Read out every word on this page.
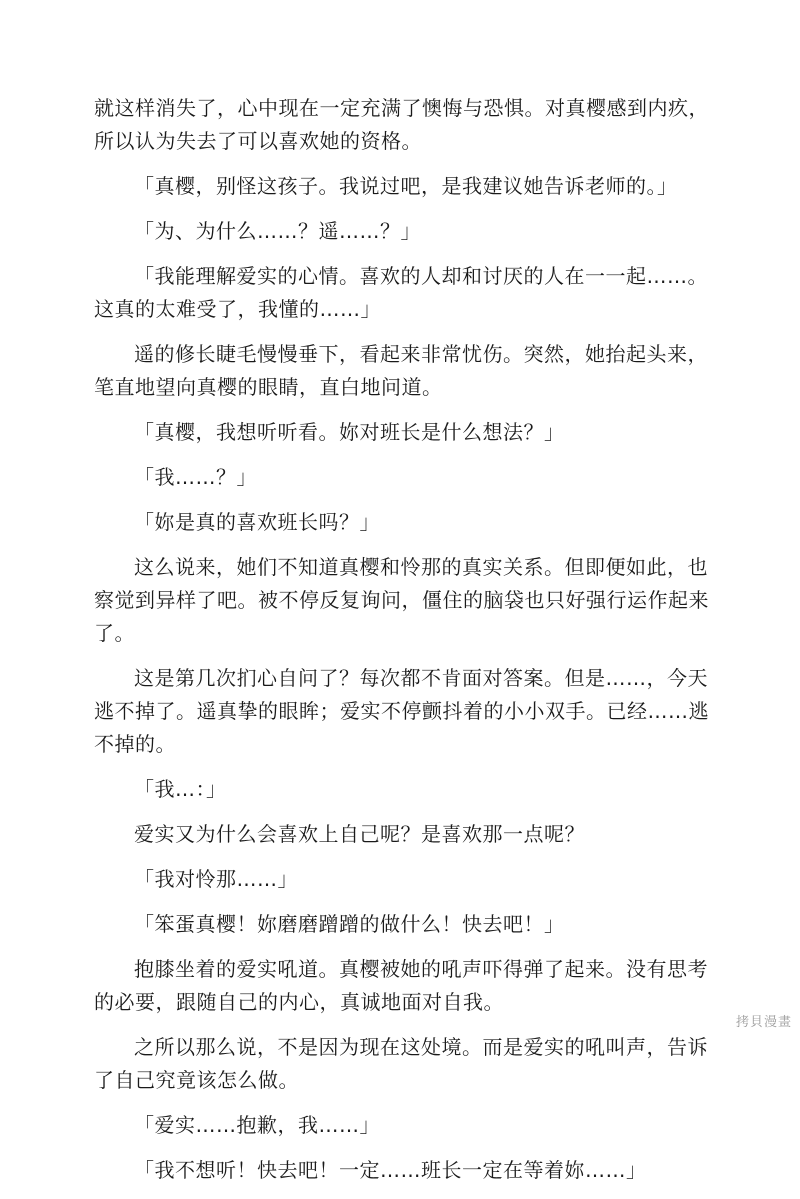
就这样消失了，心中现在一定充满了懊悔与恐惧。对真樱感到内疚，所以认为失去了可以喜欢她的资格。

「真樱，别怪这孩子。我说过吧，是我建议她告诉老师的。」

「为、为什么……？遥……？」

「我能理解爱实的心情。喜欢的人却和讨厌的人在一一起……。这真的太难受了，我懂的……」

遥的修长睫毛慢慢垂下，看起来非常忧伤。突然，她抬起头来，笔直地望向真樱的眼睛，直白地问道。

「真樱，我想听听看。妳对班长是什么想法？」

「我……？」

「妳是真的喜欢班长吗？」

这么说来，她们不知道真樱和怜那的真实关系。但即便如此，也察觉到异样了吧。被不停反复询问，僵住的脑袋也只好强行运作起来了。

这是第几次扪心自问了？每次都不肯面对答案。但是……，今天逃不掉了。遥真挚的眼眸；爱实不停颤抖着的小小双手。已经……逃不掉的。

「我…：」

爱实又为什么会喜欢上自己呢？是喜欢那一点呢？

「我对怜那……」

「笨蛋真樱！妳磨磨蹭蹭的做什么！快去吧！」

抱膝坐着的爱实吼道。真樱被她的吼声吓得弹了起来。没有思考的必要，跟随自己的内心，真诚地面对自我。

之所以那么说，不是因为现在这处境。而是爱实的吼叫声，告诉了自己究竟该怎么做。

「爱实……抱歉，我……」

「我不想听！快去吧！一定……班长一定在等着妳……」

拷貝漫畫
